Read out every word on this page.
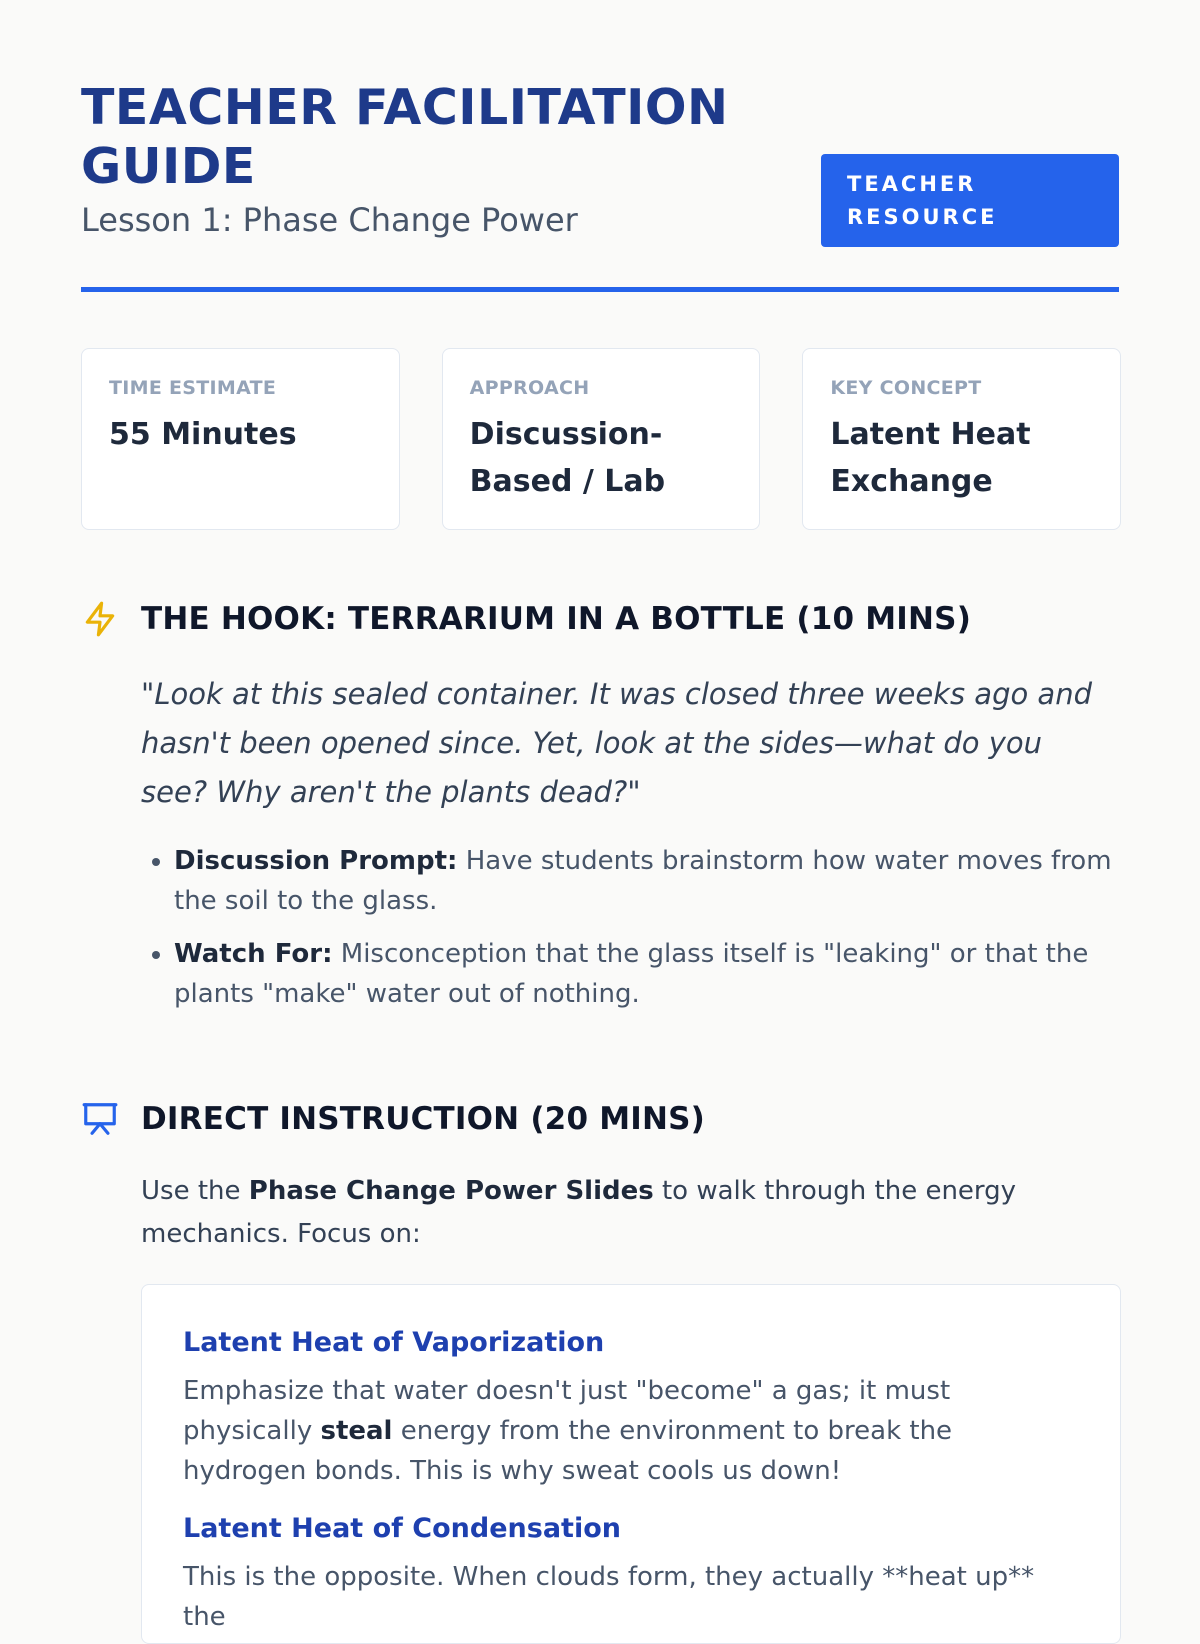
TEACHER FACILITATION GUIDE
Lesson 1: Phase Change Power
TEACHER RESOURCE
TIME ESTIMATE
55 Minutes
APPROACH
Discussion-Based / Lab
KEY CONCEPT
Latent Heat Exchange
THE HOOK: TERRARIUM IN A BOTTLE (10 MINS)
"Look at this sealed container. It was closed three weeks ago and hasn't been opened since. Yet, look at the sides—what do you see? Why aren't the plants dead?"
• Discussion Prompt: Have students brainstorm how water moves from the soil to the glass.
• Watch For: Misconception that the glass itself is "leaking" or that the plants "make" water out of nothing.
DIRECT INSTRUCTION (20 MINS)
Use the Phase Change Power Slides to walk through the energy mechanics. Focus on:
Latent Heat of Vaporization
Emphasize that water doesn't just "become" a gas; it must physically steal energy from the environment to break the hydrogen bonds. This is why sweat cools us down!
Latent Heat of Condensation
This is the opposite. When clouds form, they actually **heat up** the
